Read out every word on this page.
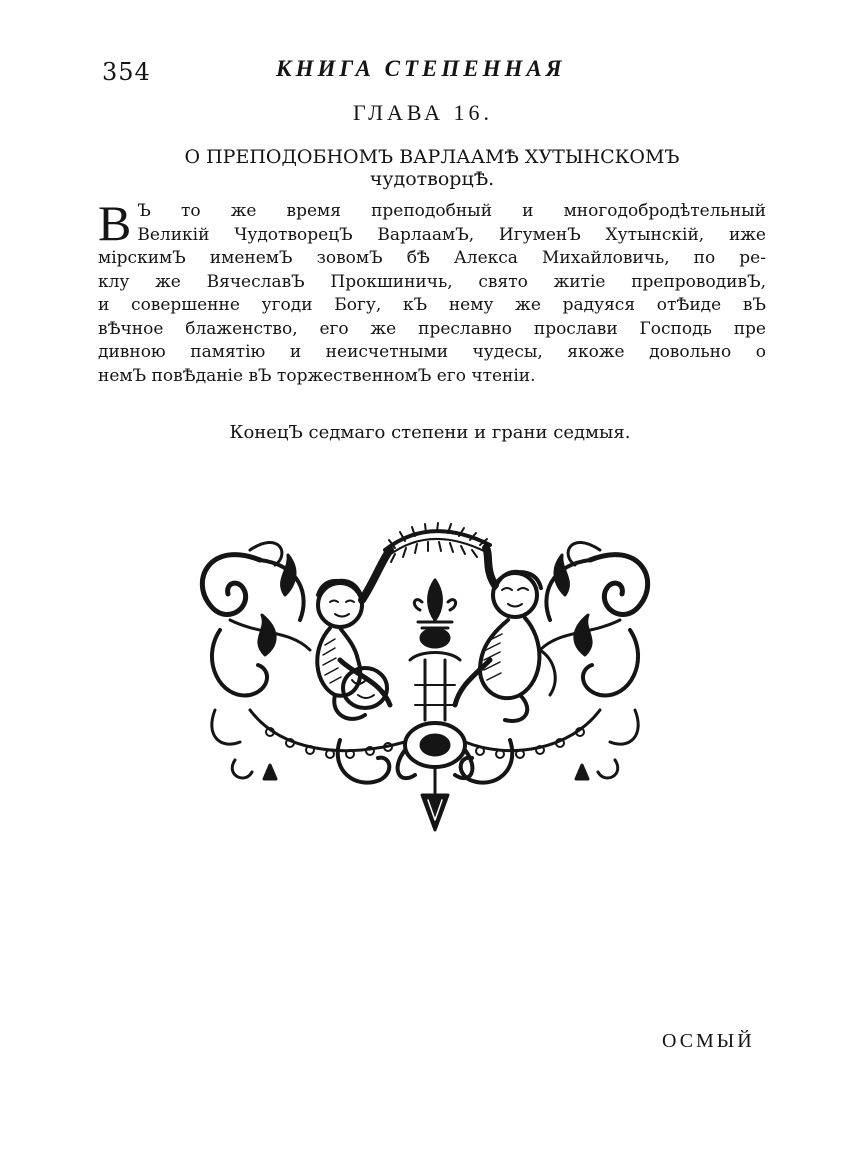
354	КНИГА СТЕПЕННАЯ
ГЛАВА 16.
О ПРЕПОДОБНОМЪ ВАРЛААМѢ ХУТЫНСКОМЪ
чудотворцѢ.
В Ъ то же время преподобный и многодобродѣтельный
Великій ЧудотворецЪ ВарлаамЪ, ИгуменЪ Хутынскій, иже
мірскимЪ именемЪ зовомЪ бѢ Алекса Михайловичь, по ре-
клу же ВячеславЪ Прокшиничь, свято житіе препроводивЪ,
и совершенне угоди Богу, кЪ нему же радуяся отѢиде вЪ
вѢчное блаженство, его же преславно прослави Господь пре
дивною памятію и неисчетными чудесы, якоже довольно о
немЪ повѢданіе вЪ торжественномЪ его чтеніи.
КонецЪ седмаго степени и грани седмыя.
ОСМЫЙ
